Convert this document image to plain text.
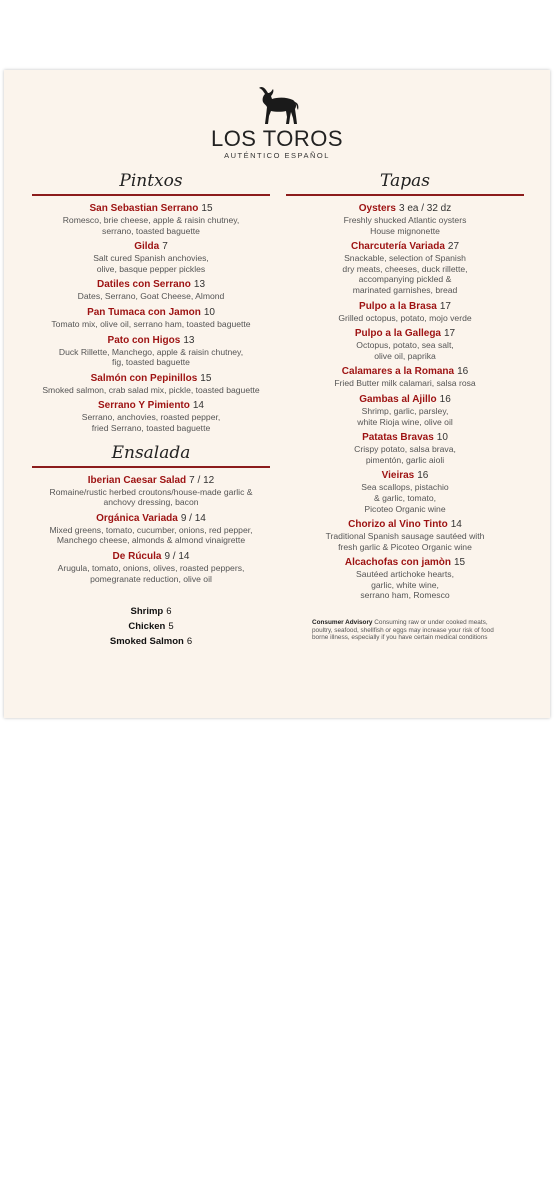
LOS TOROS
AUTÉNTICO ESPAÑOL
Pintxos
San Sebastian Serrano 15
Romesco, brie cheese, apple & raisin chutney,
serrano, toasted baguette
Gilda 7
Salt cured Spanish anchovies,
olive, basque pepper pickles
Datiles con Serrano 13
Dates, Serrano, Goat Cheese, Almond
Pan Tumaca con Jamon 10
Tomato mix, olive oil, serrano ham, toasted baguette
Pato con Higos 13
Duck Rillette, Manchego, apple & raisin chutney,
fig, toasted baguette
Salmón con Pepinillos 15
Smoked salmon, crab salad mix, pickle, toasted baguette
Serrano Y Pimiento 14
Serrano, anchovies, roasted pepper,
fried Serrano, toasted baguette
Ensalada
Iberian Caesar Salad 7 / 12
Romaine/rustic herbed croutons/house-made garlic &
anchovy dressing, bacon
Orgánica Variada 9 / 14
Mixed greens, tomato, cucumber, onions, red pepper,
Manchego cheese, almonds & almond vinaigrette
De Rúcula 9 / 14
Arugula, tomato, onions, olives, roasted peppers,
pomegranate reduction, olive oil
Shrimp 6
Chicken 5
Smoked Salmon 6
Tapas
Oysters 3 ea / 32 dz
Freshly shucked Atlantic oysters
House mignonette
Charcutería Variada 27
Snackable, selection of Spanish
dry meats, cheeses, duck rillette,
accompanying pickled &
marinated garnishes, bread
Pulpo a la Brasa 17
Grilled octopus, potato, mojo verde
Pulpo a la Gallega 17
Octopus, potato, sea salt,
olive oil, paprika
Calamares a la Romana 16
Fried Butter milk calamari, salsa rosa
Gambas al Ajillo 16
Shrimp, garlic, parsley,
white Rioja wine, olive oil
Patatas Bravas 10
Crispy potato, salsa brava,
pimentón, garlic aioli
Vieiras 16
Sea scallops, pistachio
& garlic, tomato,
Picoteo Organic wine
Chorizo al Vino Tinto 14
Traditional Spanish sausage sautéed with
fresh garlic & Picoteo Organic wine
Alcachofas con jamòn 15
Sautéed artichoke hearts,
garlic, white wine,
serrano ham, Romesco
Consumer Advisory Consuming raw or under cooked meats, poultry, seafood, shellfish or eggs may increase your risk of food borne illness, especially if you have certain medical conditions
